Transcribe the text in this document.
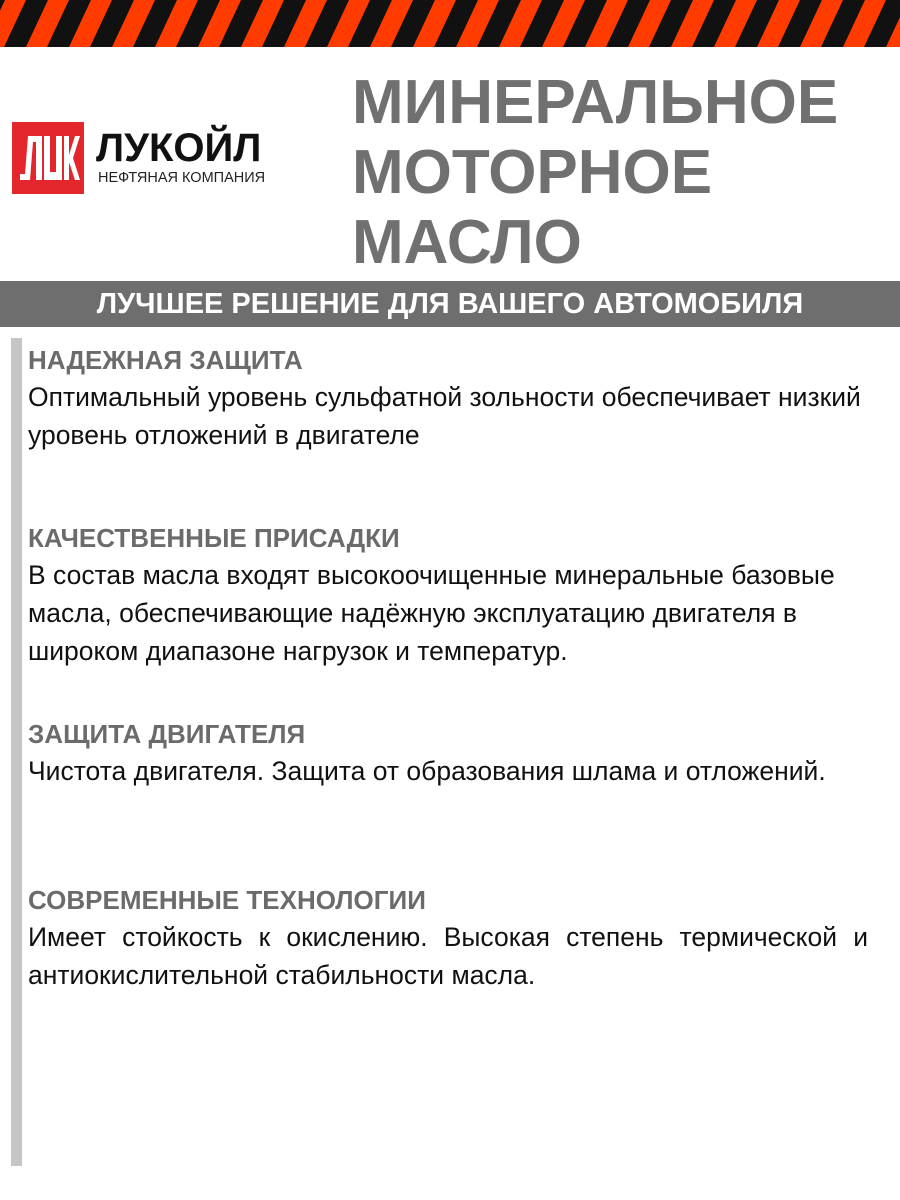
ЛУКОЙЛ
НЕФТЯНАЯ КОМПАНИЯ
МИНЕРАЛЬНОЕ
МОТОРНОЕ
МАСЛО
ЛУЧШЕЕ РЕШЕНИЕ ДЛЯ ВАШЕГО АВТОМОБИЛЯ
НАДЕЖНАЯ ЗАЩИТА
Оптимальный уровень сульфатной зольности обеспечивает низкий уровень отложений в двигателе
КАЧЕСТВЕННЫЕ ПРИСАДКИ
В состав масла входят высокоочищенные минеральные базовые масла, обеспечивающие надёжную эксплуатацию двигателя в широком диапазоне нагрузок и температур.
ЗАЩИТА ДВИГАТЕЛЯ
Чистота двигателя. Защита от образования шлама и отложений.
СОВРЕМЕННЫЕ ТЕХНОЛОГИИ
Имеет стойкость к окислению. Высокая степень термической и антиокислительной стабильности масла.
